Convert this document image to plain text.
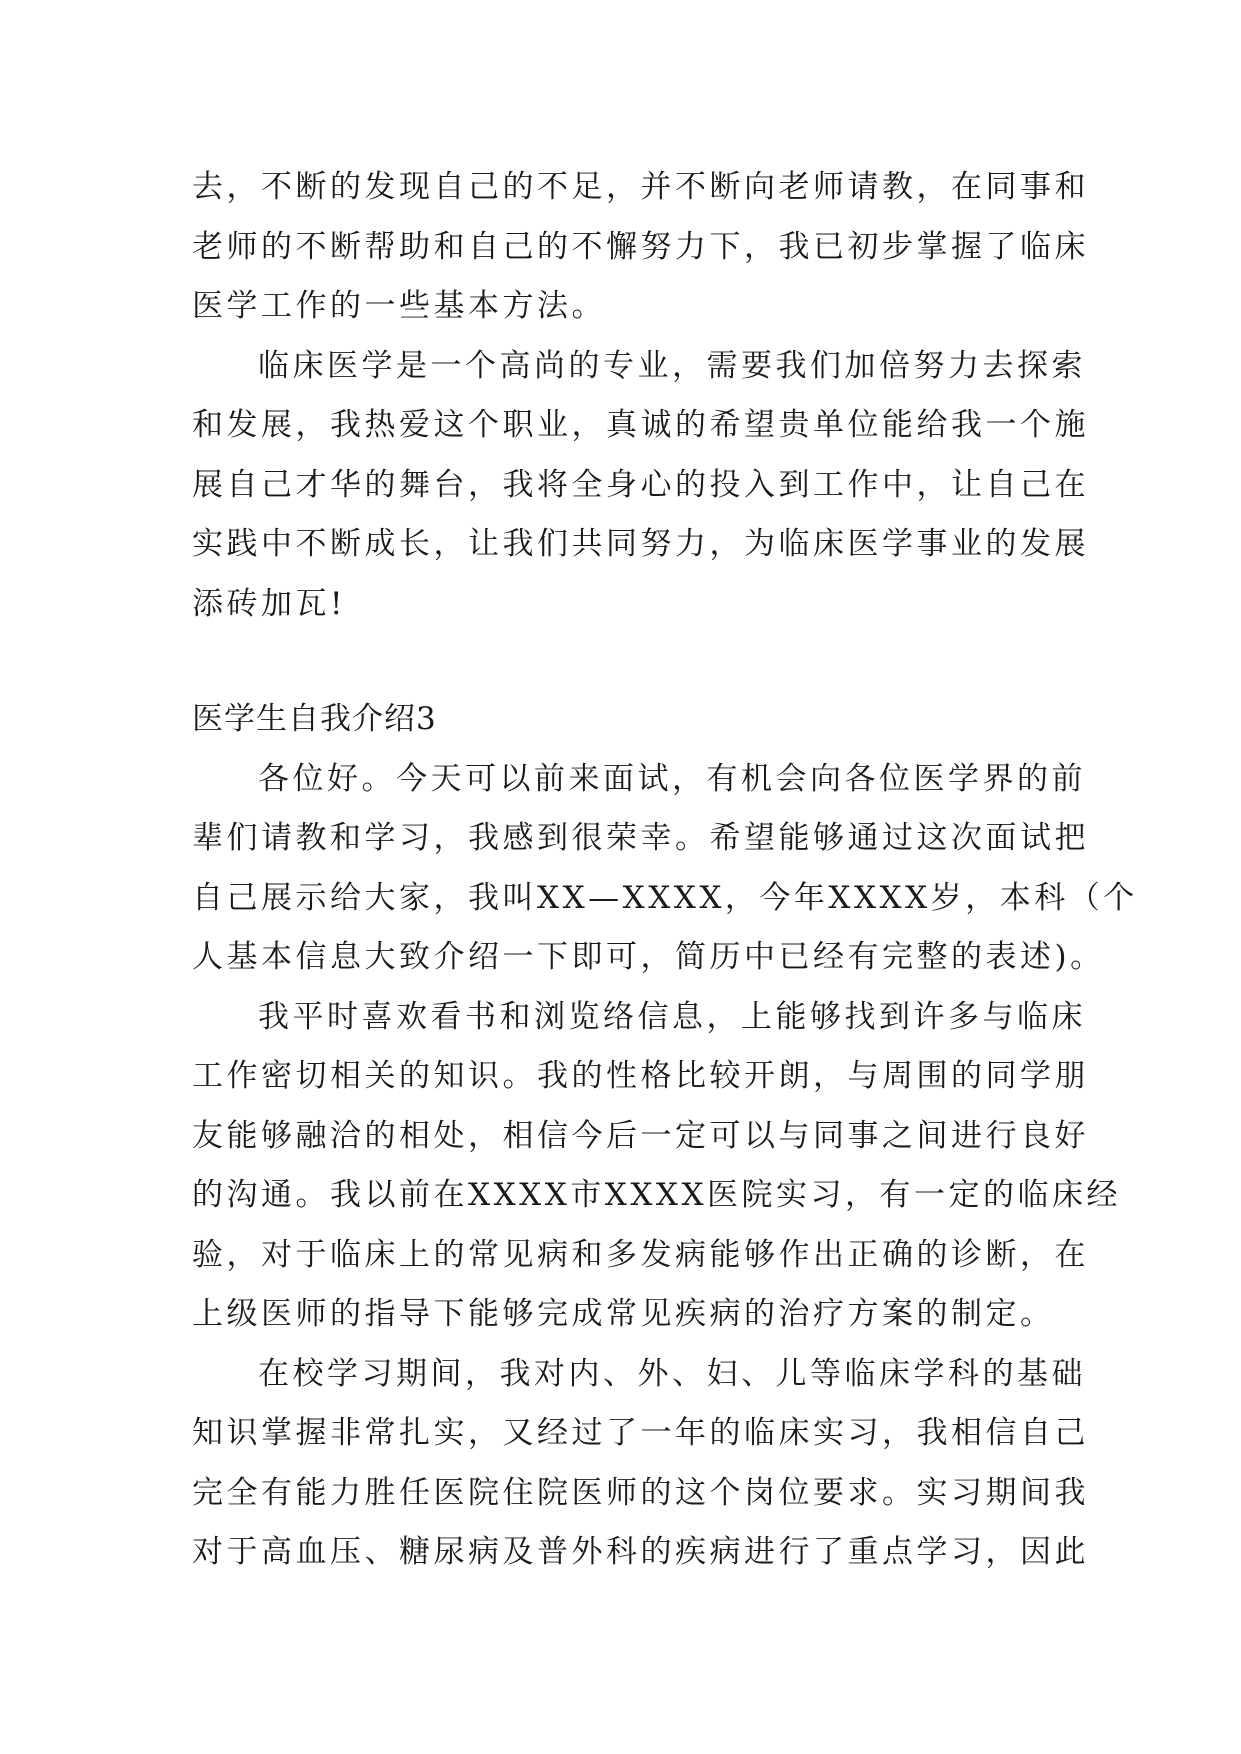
去，不断的发现自己的不足，并不断向老师请教，在同事和
老师的不断帮助和自己的不懈努力下，我已初步掌握了临床
医学工作的一些基本方法。
临床医学是一个高尚的专业，需要我们加倍努力去探索
和发展，我热爱这个职业，真诚的希望贵单位能给我一个施
展自己才华的舞台，我将全身心的投入到工作中，让自己在
实践中不断成长，让我们共同努力，为临床医学事业的发展
添砖加瓦!
医学生自我介绍3
各位好。今天可以前来面试，有机会向各位医学界的前
辈们请教和学习，我感到很荣幸。希望能够通过这次面试把
自己展示给大家，我叫XX—XXXX，今年XXXX岁，本科（个
人基本信息大致介绍一下即可，简历中已经有完整的表述)。
我平时喜欢看书和浏览络信息，上能够找到许多与临床
工作密切相关的知识。我的性格比较开朗，与周围的同学朋
友能够融洽的相处，相信今后一定可以与同事之间进行良好
的沟通。我以前在XXXX市XXXX医院实习，有一定的临床经
验，对于临床上的常见病和多发病能够作出正确的诊断，在
上级医师的指导下能够完成常见疾病的治疗方案的制定。
在校学习期间，我对内、外、妇、儿等临床学科的基础
知识掌握非常扎实，又经过了一年的临床实习，我相信自己
完全有能力胜任医院住院医师的这个岗位要求。实习期间我
对于高血压、糖尿病及普外科的疾病进行了重点学习，因此
